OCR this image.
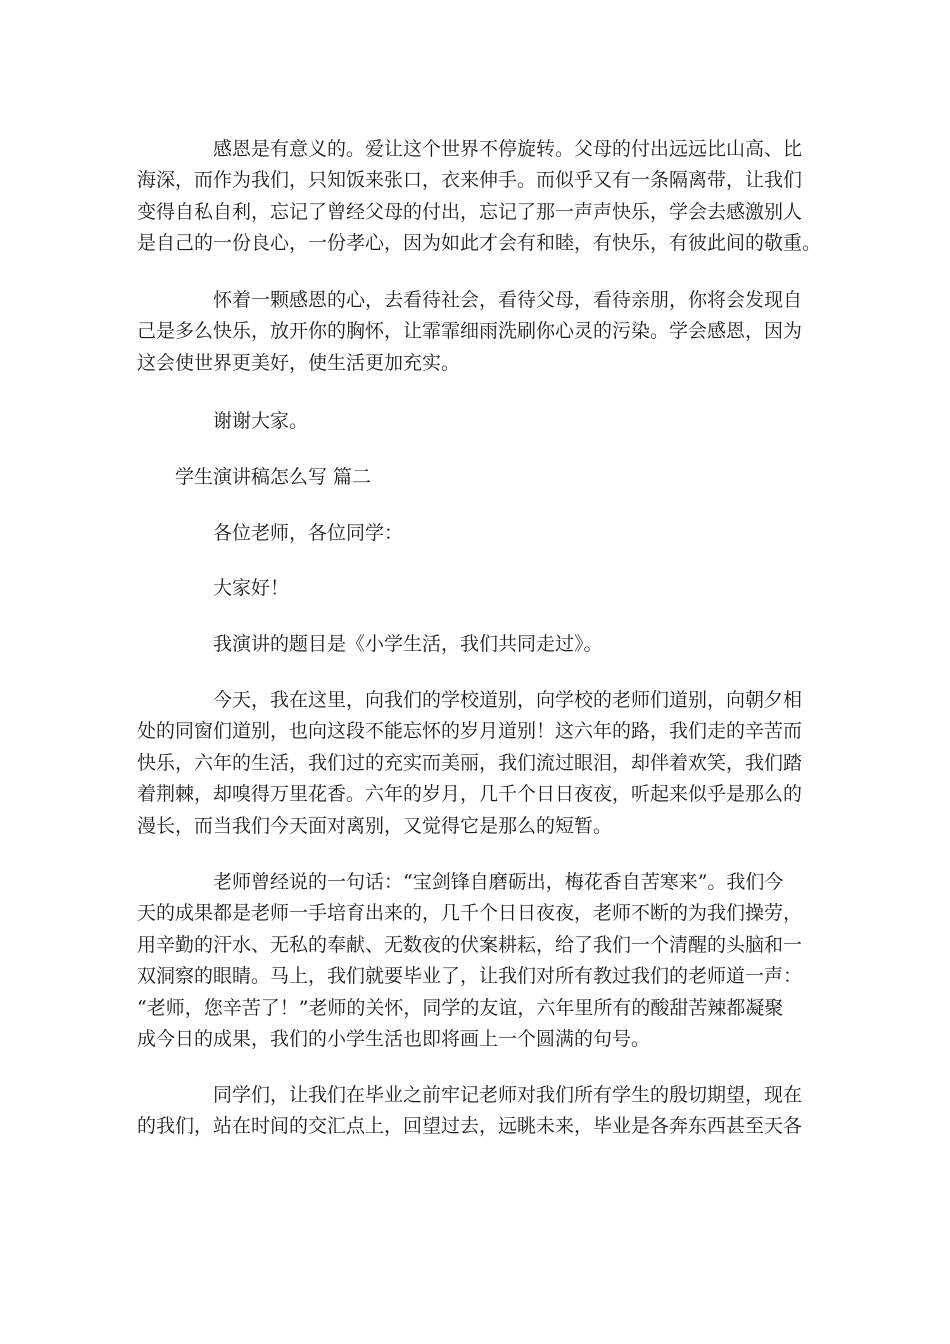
感恩是有意义的。爱让这个世界不停旋转。父母的付出远远比山高、比
海深，而作为我们，只知饭来张口，衣来伸手。而似乎又有一条隔离带，让我们
变得自私自利，忘记了曾经父母的付出，忘记了那一声声快乐，学会去感激别人
是自己的一份良心，一份孝心，因为如此才会有和睦，有快乐，有彼此间的敬重。
怀着一颗感恩的心，去看待社会，看待父母，看待亲朋，你将会发现自
己是多么快乐，放开你的胸怀，让霏霏细雨洗刷你心灵的污染。学会感恩，因为
这会使世界更美好，使生活更加充实。
谢谢大家。
学生演讲稿怎么写 篇二
各位老师，各位同学：
大家好！
我演讲的题目是《小学生活，我们共同走过》。
今天，我在这里，向我们的学校道别，向学校的老师们道别，向朝夕相
处的同窗们道别，也向这段不能忘怀的岁月道别！这六年的路，我们走的辛苦而
快乐，六年的生活，我们过的充实而美丽，我们流过眼泪，却伴着欢笑，我们踏
着荆棘，却嗅得万里花香。六年的岁月，几千个日日夜夜，听起来似乎是那么的
漫长，而当我们今天面对离别，又觉得它是那么的短暂。
老师曾经说的一句话：“宝剑锋自磨砺出，梅花香自苦寒来”。我们今
天的成果都是老师一手培育出来的，几千个日日夜夜，老师不断的为我们操劳，
用辛勤的汗水、无私的奉献、无数夜的伏案耕耘，给了我们一个清醒的头脑和一
双洞察的眼睛。马上，我们就要毕业了，让我们对所有教过我们的老师道一声：
“老师，您辛苦了！”老师的关怀，同学的友谊，六年里所有的酸甜苦辣都凝聚
成今日的成果，我们的小学生活也即将画上一个圆满的句号。
同学们，让我们在毕业之前牢记老师对我们所有学生的殷切期望，现在
的我们，站在时间的交汇点上，回望过去，远眺未来，毕业是各奔东西甚至天各
